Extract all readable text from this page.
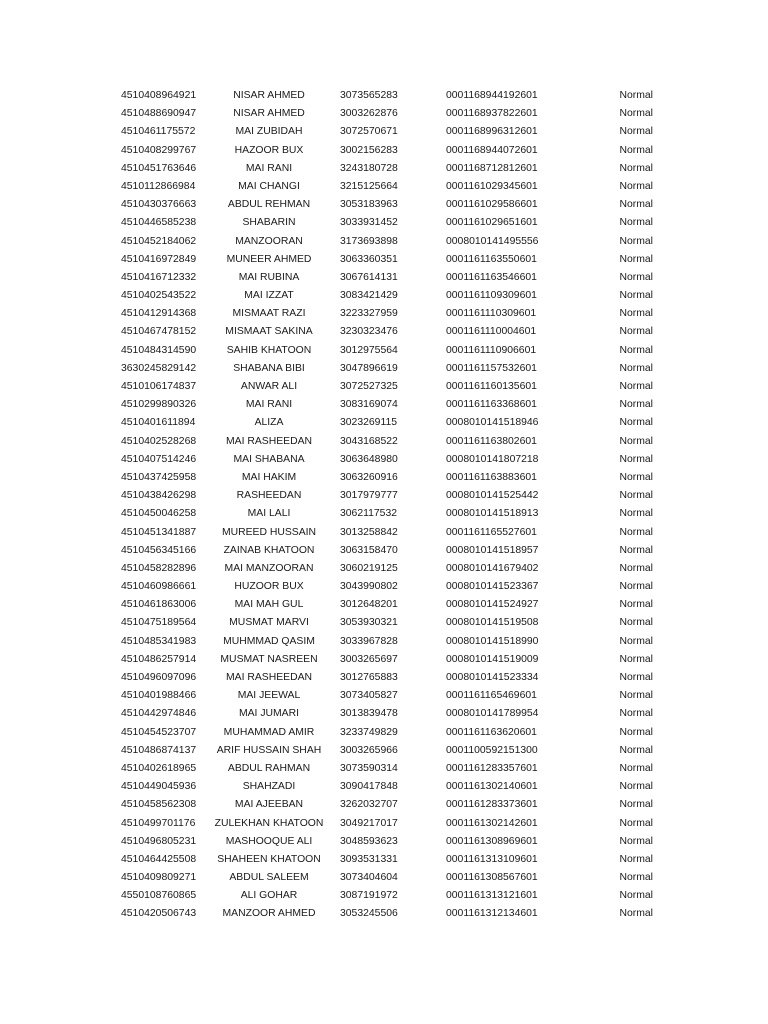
4510408964921	NISAR AHMED	3073565283	0001168944192601	Normal
4510488690947	NISAR AHMED	3003262876	0001168937822601	Normal
4510461175572	MAI ZUBIDAH	3072570671	0001168996312601	Normal
4510408299767	HAZOOR BUX	3002156283	0001168944072601	Normal
4510451763646	MAI RANI	3243180728	0001168712812601	Normal
4510112866984	MAI CHANGI	3215125664	0001161029345601	Normal
4510430376663	ABDUL REHMAN	3053183963	0001161029586601	Normal
4510446585238	SHABARIN	3033931452	0001161029651601	Normal
4510452184062	MANZOORAN	3173693898	0008010141495556	Normal
4510416972849	MUNEER AHMED	3063360351	0001161163550601	Normal
4510416712332	MAI RUBINA	3067614131	0001161163546601	Normal
4510402543522	MAI IZZAT	3083421429	0001161109309601	Normal
4510412914368	MISMAAT RAZI	3223327959	0001161110309601	Normal
4510467478152	MISMAAT SAKINA	3230323476	0001161110004601	Normal
4510484314590	SAHIB KHATOON	3012975564	0001161110906601	Normal
3630245829142	SHABANA BIBI	3047896619	0001161157532601	Normal
4510106174837	ANWAR ALI	3072527325	0001161160135601	Normal
4510299890326	MAI RANI	3083169074	0001161163368601	Normal
4510401611894	ALIZA	3023269115	0008010141518946	Normal
4510402528268	MAI RASHEEDAN	3043168522	0001161163802601	Normal
4510407514246	MAI SHABANA	3063648980	0008010141807218	Normal
4510437425958	MAI HAKIM	3063260916	0001161163883601	Normal
4510438426298	RASHEEDAN	3017979777	0008010141525442	Normal
4510450046258	MAI LALI	3062117532	0008010141518913	Normal
4510451341887	MUREED HUSSAIN	3013258842	0001161165527601	Normal
4510456345166	ZAINAB KHATOON	3063158470	0008010141518957	Normal
4510458282896	MAI MANZOORAN	3060219125	0008010141679402	Normal
4510460986661	HUZOOR BUX	3043990802	0008010141523367	Normal
4510461863006	MAI MAH GUL	3012648201	0008010141524927	Normal
4510475189564	MUSMAT MARVI	3053930321	0008010141519508	Normal
4510485341983	MUHMMAD QASIM	3033967828	0008010141518990	Normal
4510486257914	MUSMAT NASREEN	3003265697	0008010141519009	Normal
4510496097096	MAI RASHEEDAN	3012765883	0008010141523334	Normal
4510401988466	MAI JEEWAL	3073405827	0001161165469601	Normal
4510442974846	MAI JUMARI	3013839478	0008010141789954	Normal
4510454523707	MUHAMMAD AMIR	3233749829	0001161163620601	Normal
4510486874137	ARIF HUSSAIN SHAH	3003265966	0001100592151300	Normal
4510402618965	ABDUL RAHMAN	3073590314	0001161283357601	Normal
4510449045936	SHAHZADI	3090417848	0001161302140601	Normal
4510458562308	MAI AJEEBAN	3262032707	0001161283373601	Normal
4510499701176	ZULEKHAN KHATOON	3049217017	0001161302142601	Normal
4510496805231	MASHOOQUE ALI	3048593623	0001161308969601	Normal
4510464425508	SHAHEEN KHATOON	3093531331	0001161313109601	Normal
4510409809271	ABDUL SALEEM	3073404604	0001161308567601	Normal
4550108760865	ALI GOHAR	3087191972	0001161313121601	Normal
4510420506743	MANZOOR AHMED	3053245506	0001161312134601	Normal
